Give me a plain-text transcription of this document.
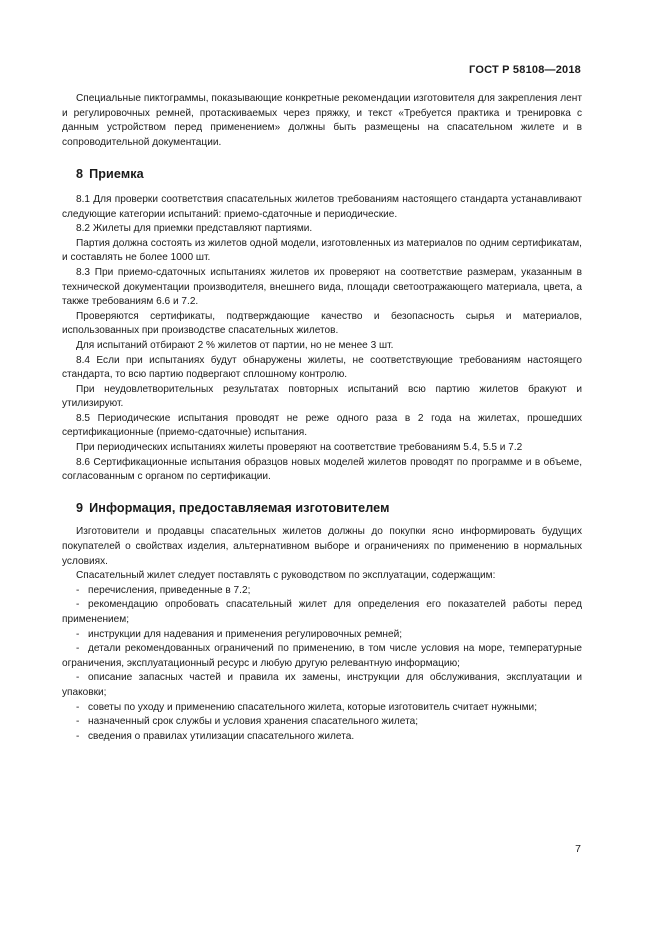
ГОСТ Р 58108—2018

Специальные пиктограммы, показывающие конкретные рекомендации изготовителя для закрепления лент и регулировочных ремней, протаскиваемых через пряжку, и текст «Требуется практика и тренировка с данным устройством перед применением» должны быть размещены на спасательном жилете и в сопроводительной документации.

8 Приемка

8.1 Для проверки соответствия спасательных жилетов требованиям настоящего стандарта устанавливают следующие категории испытаний: приемо-сдаточные и периодические.

8.2 Жилеты для приемки представляют партиями.

Партия должна состоять из жилетов одной модели, изготовленных из материалов по одним сертификатам, и составлять не более 1000 шт.

8.3 При приемо-сдаточных испытаниях жилетов их проверяют на соответствие размерам, указанным в технической документации производителя, внешнего вида, площади светоотражающего материала, цвета, а также требованиям 6.6 и 7.2.

Проверяются сертификаты, подтверждающие качество и безопасность сырья и материалов, использованных при производстве спасательных жилетов.

Для испытаний отбирают 2 % жилетов от партии, но не менее 3 шт.

8.4 Если при испытаниях будут обнаружены жилеты, не соответствующие требованиям настоящего стандарта, то всю партию подвергают сплошному контролю.

При неудовлетворительных результатах повторных испытаний всю партию жилетов бракуют и утилизируют.

8.5 Периодические испытания проводят не реже одного раза в 2 года на жилетах, прошедших сертификационные (приемо-сдаточные) испытания.

При периодических испытаниях жилеты проверяют на соответствие требованиям 5.4, 5.5 и 7.2

8.6 Сертификационные испытания образцов новых моделей жилетов проводят по программе и в объеме, согласованным с органом по сертификации.

9 Информация, предоставляемая изготовителем

Изготовители и продавцы спасательных жилетов должны до покупки ясно информировать будущих покупателей о свойствах изделия, альтернативном выборе и ограничениях по применению в нормальных условиях.

Спасательный жилет следует поставлять с руководством по эксплуатации, содержащим:

- перечисления, приведенные в 7.2;

- рекомендацию опробовать спасательный жилет для определения его показателей работы перед применением;

- инструкции для надевания и применения регулировочных ремней;

- детали рекомендованных ограничений по применению, в том числе условия на море, температурные ограничения, эксплуатационный ресурс и любую другую релевантную информацию;

- описание запасных частей и правила их замены, инструкции для обслуживания, эксплуатации и упаковки;

- советы по уходу и применению спасательного жилета, которые изготовитель считает нужными;

- назначенный срок службы и условия хранения спасательного жилета;

- сведения о правилах утилизации спасательного жилета.

7
